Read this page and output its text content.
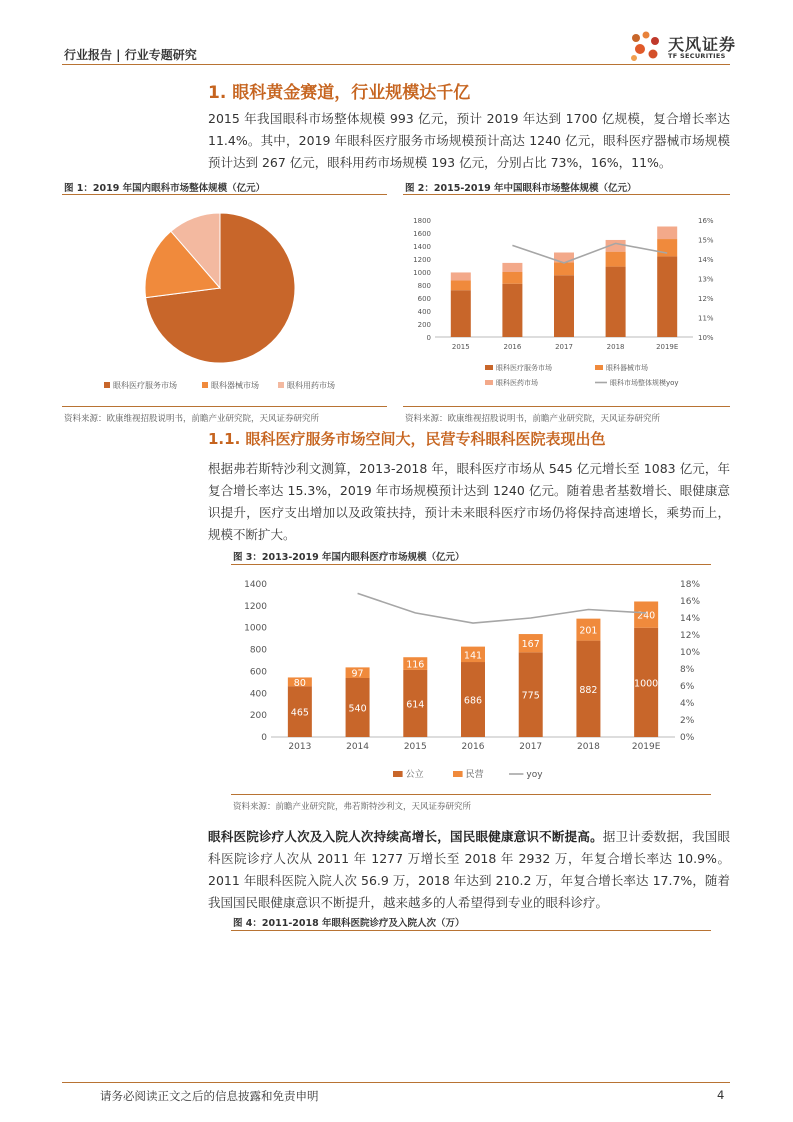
行业报告 | 行业专题研究
天风证券
TF SECURITIES
1. 眼科黄金赛道，行业规模达千亿
2015 年我国眼科市场整体规模 993 亿元，预计 2019 年达到 1700 亿规模，复合增长率达 11.4%。其中，2019 年眼科医疗服务市场规模预计高达 1240 亿元，眼科医疗器械市场规模预计达到 267 亿元，眼科用药市场规模 193 亿元，分别占比 73%，16%，11%。
图 1：2019 年国内眼科市场整体规模（亿元）	图 2：2015-2019 年中国眼科市场整体规模（亿元）
眼科医疗服务市场	眼科器械市场	眼科用药市场
0
200
400
600
800
1000
1200
1400
1600
1800
10%
11%
12%
13%
14%
15%
16%
2015	2016	2017	2018	2019E
眼科医疗服务市场	眼科器械市场
眼科医药市场	眼科市场整体规模yoy
资料来源：欧康维视招股说明书，前瞻产业研究院，天风证券研究所	资料来源：欧康维视招股说明书，前瞻产业研究院，天风证券研究所
1.1. 眼科医疗服务市场空间大，民营专科眼科医院表现出色
根据弗若斯特沙利文测算，2013-2018 年，眼科医疗市场从 545 亿元增长至 1083 亿元，年复合增长率达 15.3%，2019 年市场规模预计达到 1240 亿元。随着患者基数增长、眼健康意识提升，医疗支出增加以及政策扶持，预计未来眼科医疗市场仍将保持高速增长，乘势而上，规模不断扩大。
图 3：2013-2019 年国内眼科医疗市场规模（亿元）
0
200
400
600
800
1000
1200
1400
0%
2%
4%
6%
8%
10%
12%
14%
16%
18%
465
80
2013
540
97
2014
614
116
2015
686
141
2016
775
167
2017
882
201
2018
1000
240
2019E
公立	民营	yoy
资料来源：前瞻产业研究院，弗若斯特沙利文，天风证券研究所
眼科医院诊疗人次及入院人次持续高增长，国民眼健康意识不断提高。据卫计委数据，我国眼科医院诊疗人次从 2011 年 1277 万增长至 2018 年 2932 万，年复合增长率达 10.9%。2011 年眼科医院入院人次 56.9 万，2018 年达到 210.2 万，年复合增长率达 17.7%，随着我国国民眼健康意识不断提升，越来越多的人希望得到专业的眼科诊疗。
图 4：2011-2018 年眼科医院诊疗及入院人次（万）
请务必阅读正文之后的信息披露和免责申明	4
